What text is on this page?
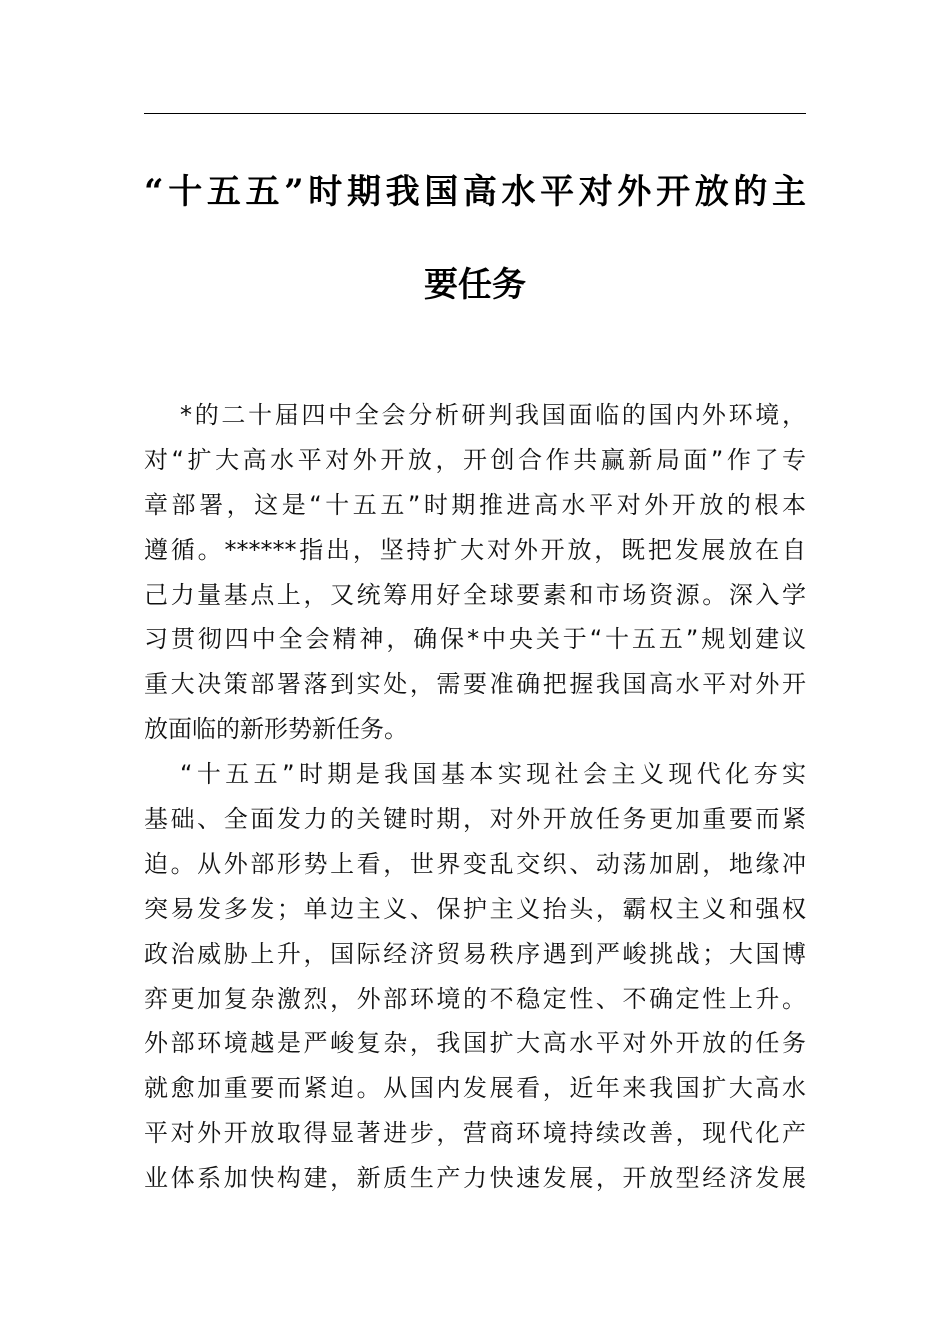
“十五五”时期我国高水平对外开放的主
要任务
*的二十届四中全会分析研判我国面临的国内外环境，
对“扩大高水平对外开放，开创合作共赢新局面”作了专
章部署，这是“十五五”时期推进高水平对外开放的根本
遵循。******指出，坚持扩大对外开放，既把发展放在自
己力量基点上，又统筹用好全球要素和市场资源。深入学
习贯彻四中全会精神，确保*中央关于“十五五”规划建议
重大决策部署落到实处，需要准确把握我国高水平对外开
放面临的新形势新任务。
“十五五”时期是我国基本实现社会主义现代化夯实
基础、全面发力的关键时期，对外开放任务更加重要而紧
迫。从外部形势上看，世界变乱交织、动荡加剧，地缘冲
突易发多发；单边主义、保护主义抬头，霸权主义和强权
政治威胁上升，国际经济贸易秩序遇到严峻挑战；大国博
弈更加复杂激烈，外部环境的不稳定性、不确定性上升。
外部环境越是严峻复杂，我国扩大高水平对外开放的任务
就愈加重要而紧迫。从国内发展看，近年来我国扩大高水
平对外开放取得显著进步，营商环境持续改善，现代化产
业体系加快构建，新质生产力快速发展，开放型经济发展
